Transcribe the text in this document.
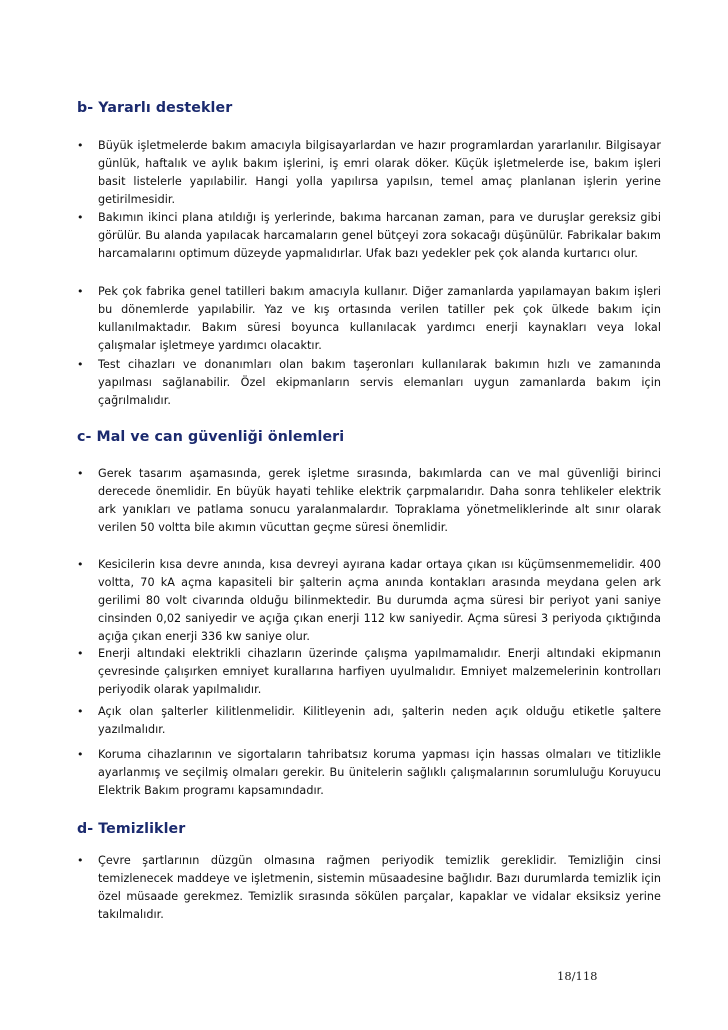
b- Yararlı destekler
• Büyük işletmelerde bakım amacıyla bilgisayarlardan ve hazır programlardan yararlanılır. Bilgisayar günlük, haftalık ve aylık bakım işlerini, iş emri olarak döker. Küçük işletmelerde ise, bakım işleri basit listelerle yapılabilir. Hangi yolla yapılırsa yapılsın, temel amaç planlanan işlerin yerine getirilmesidir.
• Bakımın ikinci plana atıldığı iş yerlerinde, bakıma harcanan zaman, para ve duruşlar gereksiz gibi görülür. Bu alanda yapılacak harcamaların genel bütçeyi zora sokacağı düşünülür. Fabrikalar bakım harcamalarını optimum düzeyde yapmalıdırlar. Ufak bazı yedekler pek çok alanda kurtarıcı olur.
• Pek çok fabrika genel tatilleri bakım amacıyla kullanır. Diğer zamanlarda yapılamayan bakım işleri bu dönemlerde yapılabilir. Yaz ve kış ortasında verilen tatiller pek çok ülkede bakım için kullanılmaktadır. Bakım süresi boyunca kullanılacak yardımcı enerji kaynakları veya lokal çalışmalar işletmeye yardımcı olacaktır.
• Test cihazları ve donanımları olan bakım taşeronları kullanılarak bakımın hızlı ve zamanında yapılması sağlanabilir. Özel ekipmanların servis elemanları uygun zamanlarda bakım için çağrılmalıdır.
c- Mal ve can güvenliği önlemleri
• Gerek tasarım aşamasında, gerek işletme sırasında, bakımlarda can ve mal güvenliği birinci derecede önemlidir. En büyük hayati tehlike elektrik çarpmalarıdır. Daha sonra tehlikeler elektrik ark yanıkları ve patlama sonucu yaralanmalardır. Topraklama yönetmeliklerinde alt sınır olarak verilen 50 voltta bile akımın vücuttan geçme süresi önemlidir.
• Kesicilerin kısa devre anında, kısa devreyi ayırana kadar ortaya çıkan ısı küçümsenmemelidir. 400 voltta, 70 kA açma kapasiteli bir şalterin açma anında kontakları arasında meydana gelen ark gerilimi 80 volt civarında olduğu bilinmektedir. Bu durumda açma süresi bir periyot yani saniye cinsinden 0,02 saniyedir ve açığa çıkan enerji 112 kw saniyedir. Açma süresi 3 periyoda çıktığında açığa çıkan enerji 336 kw saniye olur.
• Enerji altındaki elektrikli cihazların üzerinde çalışma yapılmamalıdır. Enerji altındaki ekipmanın çevresinde çalışırken emniyet kurallarına harfiyen uyulmalıdır. Emniyet malzemelerinin kontrolları periyodik olarak yapılmalıdır.
• Açık olan şalterler kilitlenmelidir. Kilitleyenin adı, şalterin neden açık olduğu etiketle şaltere yazılmalıdır.
• Koruma cihazlarının ve sigortaların tahribatsız koruma yapması için hassas olmaları ve titizlikle ayarlanmış ve seçilmiş olmaları gerekir. Bu ünitelerin sağlıklı çalışmalarının sorumluluğu Koruyucu Elektrik Bakım programı kapsamındadır.
d- Temizlikler
• Çevre şartlarının düzgün olmasına rağmen periyodik temizlik gereklidir. Temizliğin cinsi temizlenecek maddeye ve işletmenin, sistemin müsaadesine bağlıdır. Bazı durumlarda temizlik için özel müsaade gerekmez. Temizlik sırasında sökülen parçalar, kapaklar ve vidalar eksiksiz yerine takılmalıdır.
18/118
